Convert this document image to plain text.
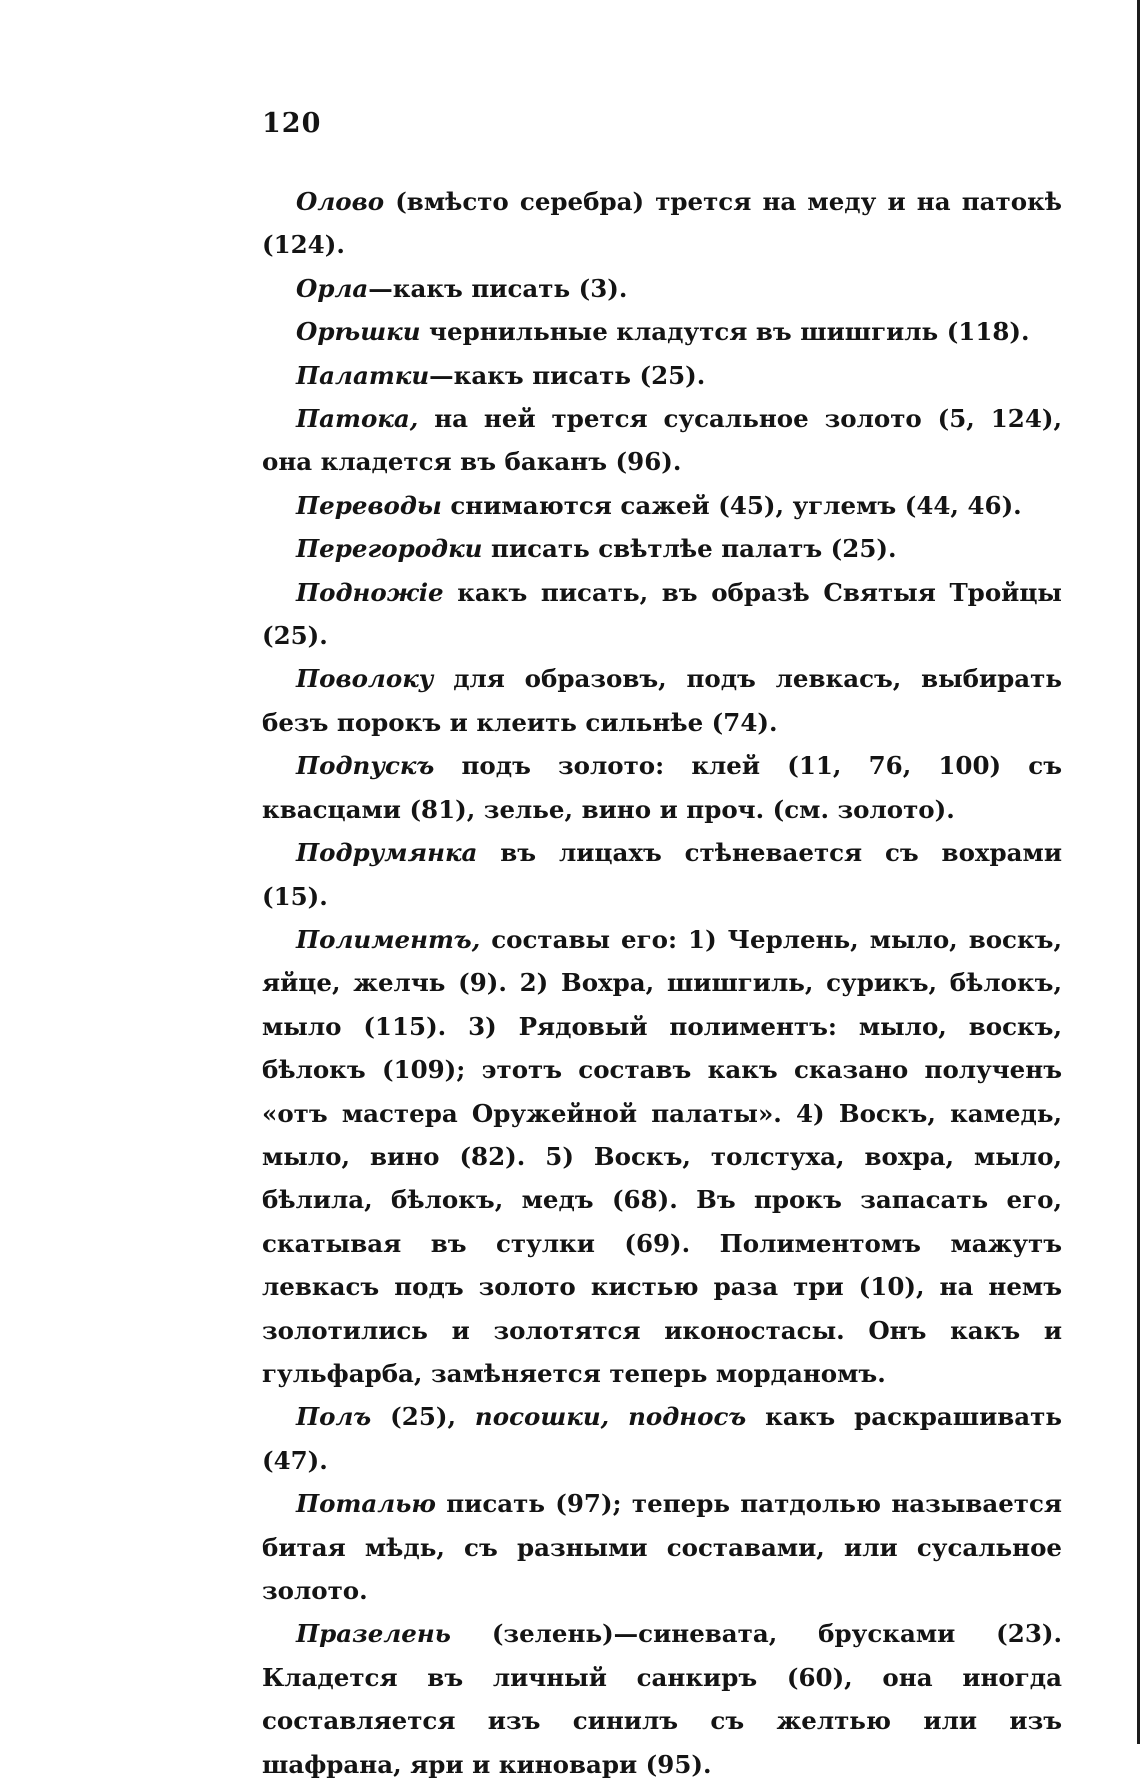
120

Олово (вмѣсто серебра) трется на меду и на патокѣ (124).

Орла—какъ писать (3).

Орѣшки чернильные кладутся въ шишгиль (118).

Палатки—какъ писать (25).

Патока, на ней трется сусальное золото (5, 124), она кладется въ баканъ (96).

Переводы снимаются сажей (45), углемъ (44, 46).

Перегородки писать свѣтлѣе палатъ (25).

Подножіе какъ писать, въ образѣ Святыя Тройцы (25).

Поволоку для образовъ, подъ левкасъ, выбирать безъ порокъ и клеить сильнѣе (74).

Подпускъ подъ золото: клей (11, 76, 100) съ квасцами (81), зелье, вино и проч. (см. золото).

Подрумянка въ лицахъ стѣневается съ вохрами (15).

Полиментъ, составы его: 1) Черлень, мыло, воскъ, яйце, желчь (9). 2) Вохра, шишгиль, сурикъ, бѣлокъ, мыло (115). 3) Рядовый полиментъ: мыло, воскъ, бѣлокъ (109); этотъ составъ какъ сказано полученъ «отъ мастера Оружейной палаты». 4) Воскъ, камедь, мыло, вино (82). 5) Воскъ, толстуха, вохра, мыло, бѣлила, бѣлокъ, медъ (68). Въ прокъ запасать его, скатывая въ стулки (69). Полиментомъ мажутъ левкасъ подъ золото кистью раза три (10), на немъ золотились и золотятся иконостасы. Онъ какъ и гульфарба, замѣняется теперь морданомъ.

Полъ (25), посошки, подносъ какъ раскрашивать (47).

Поталью писать (97); теперь патдолью называется битая мѣдь, съ разными составами, или сусальное золото.

Празелень (зелень)—синевата, брусками (23). Кладется въ личный санкиръ (60), она иногда составляется изъ синилъ съ желтью или изъ шафрана, яри и киновари (95).
